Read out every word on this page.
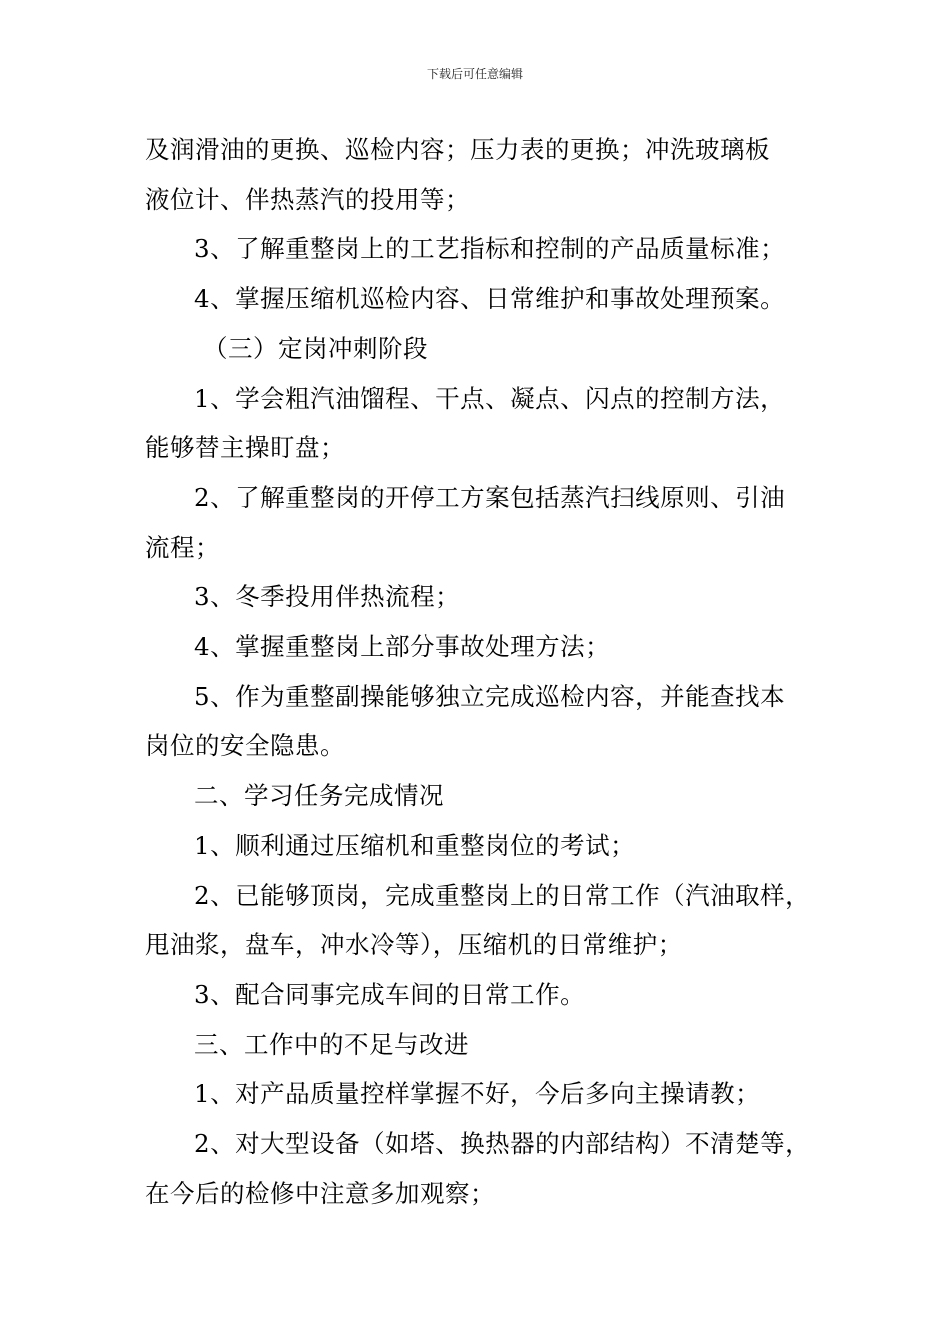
下载后可任意编辑

及润滑油的更换、巡检内容；压力表的更换；冲洗玻璃板

液位计、伴热蒸汽的投用等；

3、了解重整岗上的工艺指标和控制的产品质量标准；

4、掌握压缩机巡检内容、日常维护和事故处理预案。

（三）定岗冲刺阶段

1、学会粗汽油馏程、干点、凝点、闪点的控制方法，

能够替主操盯盘；

2、了解重整岗的开停工方案包括蒸汽扫线原则、引油

流程；

3、冬季投用伴热流程；

4、掌握重整岗上部分事故处理方法；

5、作为重整副操能够独立完成巡检内容，并能查找本

岗位的安全隐患。

二、学习任务完成情况

1、顺利通过压缩机和重整岗位的考试；

2、已能够顶岗，完成重整岗上的日常工作（汽油取样，

甩油浆，盘车，冲水冷等），压缩机的日常维护；

3、配合同事完成车间的日常工作。

三、工作中的不足与改进

1、对产品质量控样掌握不好，今后多向主操请教；

2、对大型设备（如塔、换热器的内部结构）不清楚等，

在今后的检修中注意多加观察；
